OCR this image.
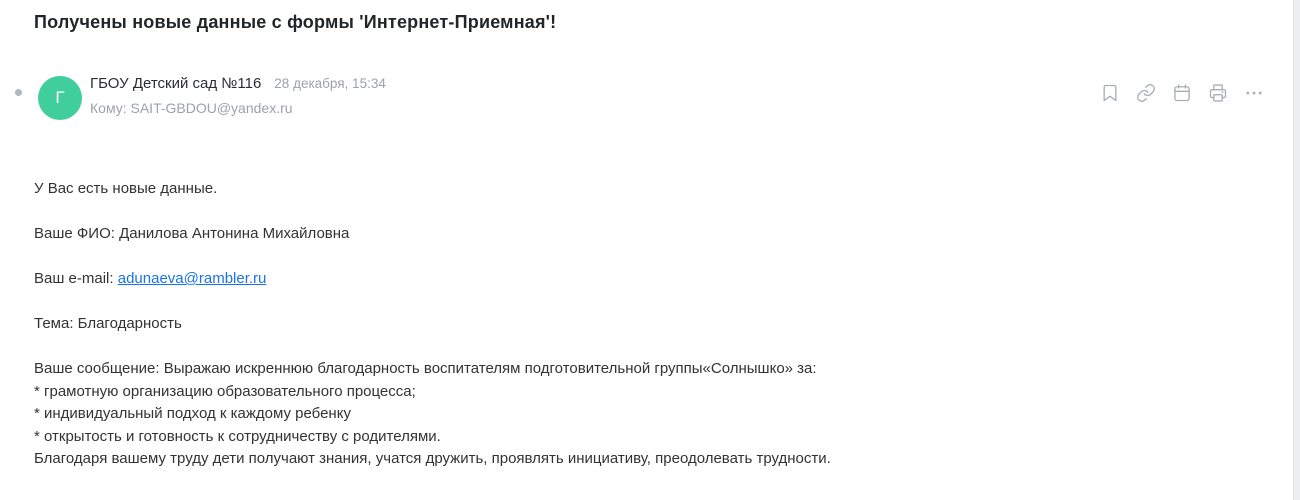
Получены новые данные с формы 'Интернет-Приемная'!
Г
ГБОУ Детский сад №116 28 декабря, 15:34
Кому: SAIT-GBDOU@yandex.ru

У Вас есть новые данные.

Ваше ФИО: Данилова Антонина Михайловна

Ваш e-mail: adunaeva@rambler.ru

Тема: Благодарность

Ваше сообщение: Выражаю искреннюю благодарность воспитателям подготовительной группы«Солнышко» за:
* грамотную организацию образовательного процесса;
* индивидуальный подход к каждому ребенку
* открытость и готовность к сотрудничеству с родителями.
Благодаря вашему труду дети получают знания, учатся дружить, проявлять инициативу, преодолевать трудности.
